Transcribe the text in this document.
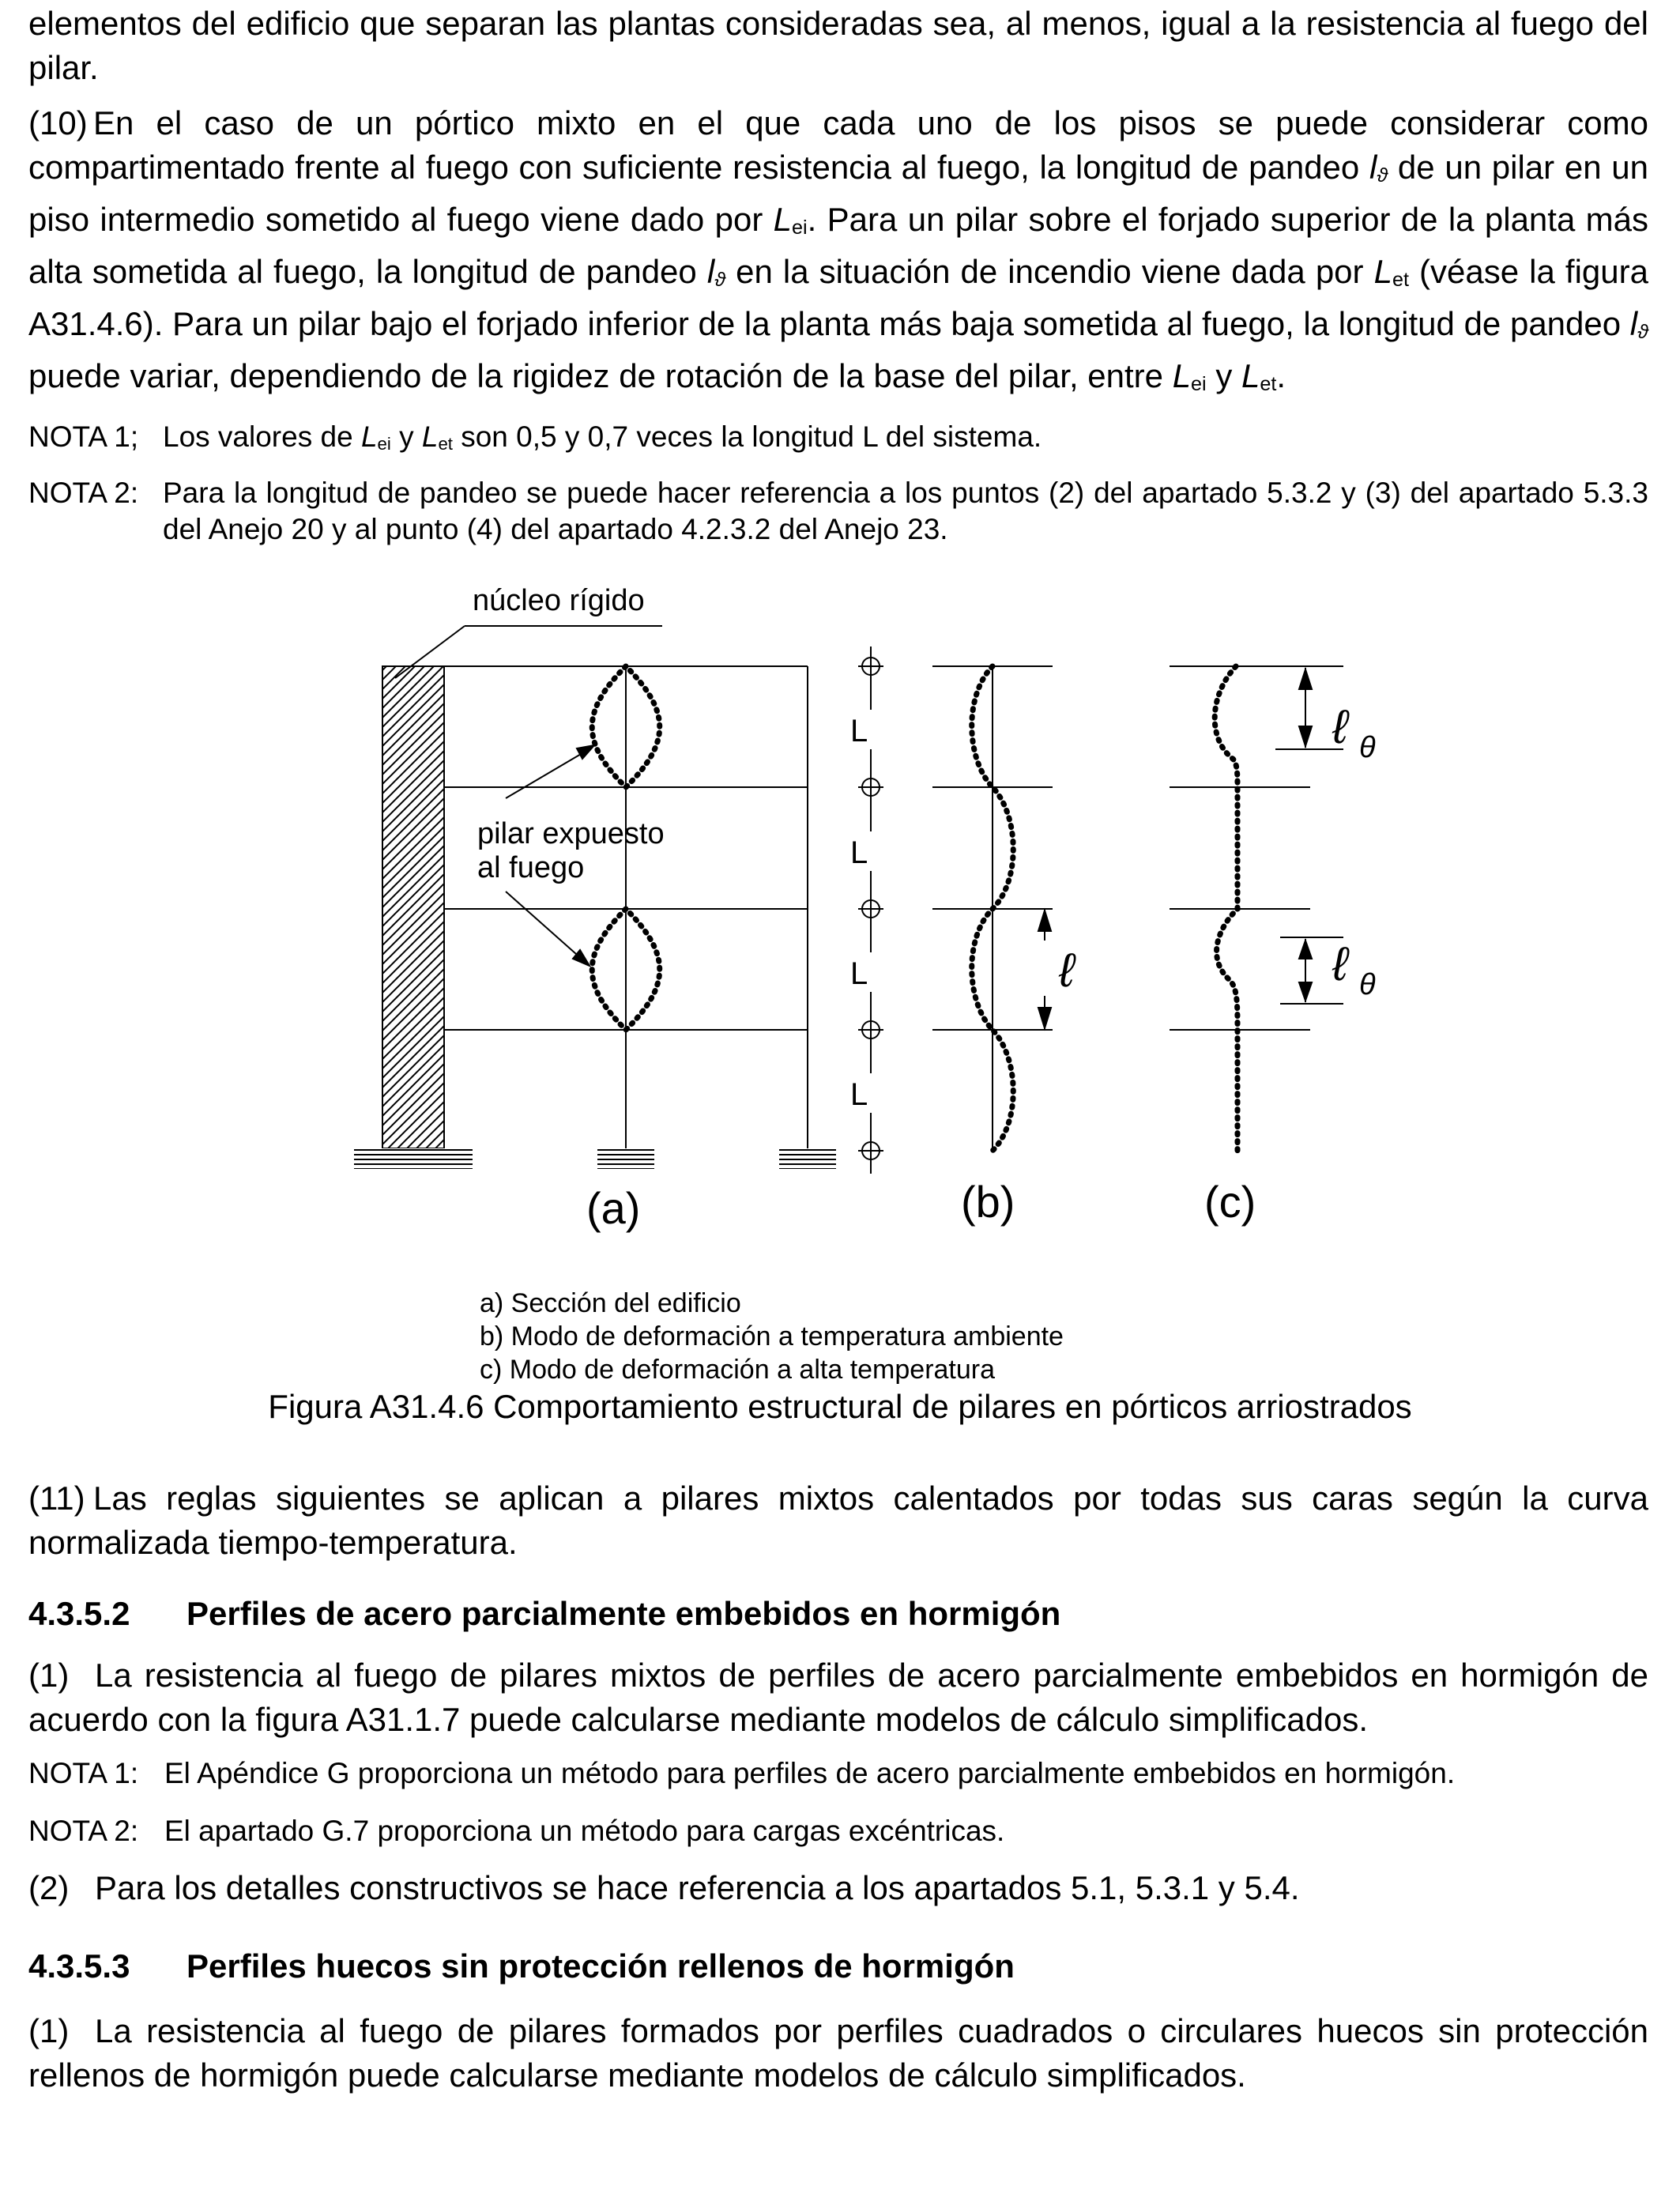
elementos del edificio que separan las plantas consideradas sea, al menos, igual a la resistencia al fuego del pilar.

(10) En el caso de un pórtico mixto en el que cada uno de los pisos se puede considerar como compartimentado frente al fuego con suficiente resistencia al fuego, la longitud de pandeo $l_ϑ$ de un pilar en un piso intermedio sometido al fuego viene dado por $L_{ei}$. Para un pilar sobre el forjado superior de la planta más alta sometida al fuego, la longitud de pandeo $l_ϑ$ en la situación de incendio viene dada por $L_{et}$ (véase la figura A31.4.6). Para un pilar bajo el forjado inferior de la planta más baja sometida al fuego, la longitud de pandeo $l_ϑ$ puede variar, dependiendo de la rigidez de rotación de la base del pilar, entre $L_{ei}$ y $L_{et}$.

NOTA 1; Los valores de $L_{ei}$ y $L_{et}$ son 0,5 y 0,7 veces la longitud L del sistema.
NOTA 2: Para la longitud de pandeo se puede hacer referencia a los puntos (2) del apartado 5.3.2 y (3) del apartado 5.3.3 del Anejo 20 y al punto (4) del apartado 4.2.3.2 del Anejo 23.
núcleo rígido
pilar expuesto
al fuego
(a)
L
L
L
L
ℓ
(b)
ℓ θ
ℓ θ
(c)
a) Sección del edificio
b) Modo de deformación a temperatura ambiente
c) Modo de deformación a alta temperatura
Figura A31.4.6 Comportamiento estructural de pilares en pórticos arriostrados

(11) Las reglas siguientes se aplican a pilares mixtos calentados por todas sus caras según la curva normalizada tiempo-temperatura.

4.3.5.2 Perfiles de acero parcialmente embebidos en hormigón

(1) La resistencia al fuego de pilares mixtos de perfiles de acero parcialmente embebidos en hormigón de acuerdo con la figura A31.1.7 puede calcularse mediante modelos de cálculo simplificados.

NOTA 1: El Apéndice G proporciona un método para perfiles de acero parcialmente embebidos en hormigón.
NOTA 2: El apartado G.7 proporciona un método para cargas excéntricas.

(2) Para los detalles constructivos se hace referencia a los apartados 5.1, 5.3.1 y 5.4.

4.3.5.3 Perfiles huecos sin protección rellenos de hormigón

(1) La resistencia al fuego de pilares formados por perfiles cuadrados o circulares huecos sin protección rellenos de hormigón puede calcularse mediante modelos de cálculo simplificados.
